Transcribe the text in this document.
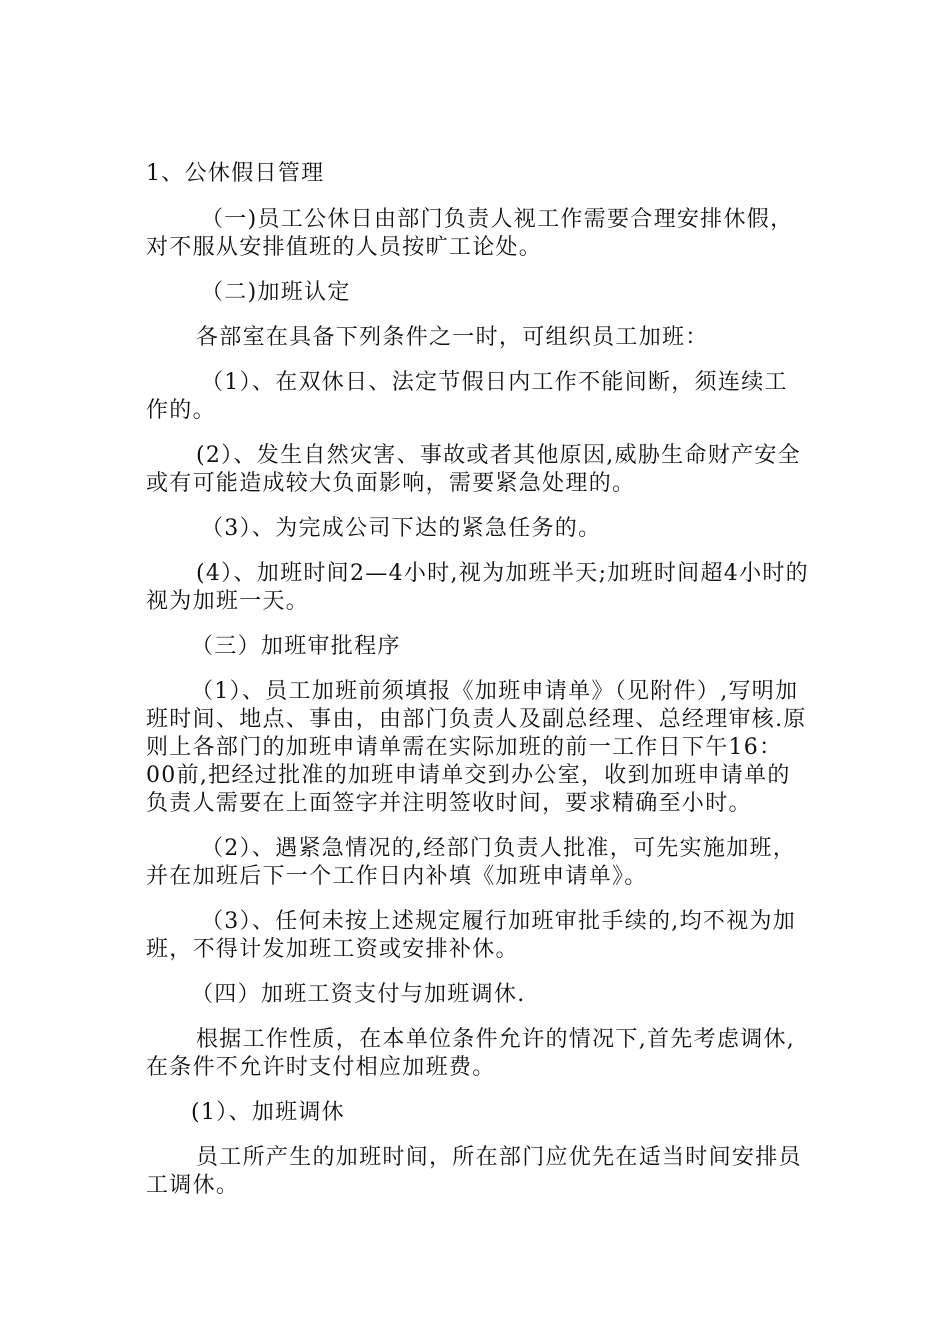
1、公休假日管理

（一)员工公休日由部门负责人视工作需要合理安排休假，对不服从安排值班的人员按旷工论处。

（二)加班认定

各部室在具备下列条件之一时，可组织员工加班：

（1）、在双休日、法定节假日内工作不能间断，须连续工作的。

(2）、发生自然灾害、事故或者其他原因,威胁生命财产安全或有可能造成较大负面影响，需要紧急处理的。

（3）、为完成公司下达的紧急任务的。

(4）、加班时间2—4小时,视为加班半天;加班时间超4小时的视为加班一天。

（三）加班审批程序

（1）、员工加班前须填报《加班申请单》（见附件）,写明加班时间、地点、事由，由部门负责人及副总经理、总经理审核.原则上各部门的加班申请单需在实际加班的前一工作日下午16：00前,把经过批准的加班申请单交到办公室，收到加班申请单的负责人需要在上面签字并注明签收时间，要求精确至小时。

（2）、遇紧急情况的,经部门负责人批准，可先实施加班，并在加班后下一个工作日内补填《加班申请单》。

（3）、任何未按上述规定履行加班审批手续的,均不视为加班，不得计发加班工资或安排补休。

（四）加班工资支付与加班调休.

根据工作性质，在本单位条件允许的情况下,首先考虑调休,在条件不允许时支付相应加班费。

(1）、加班调休

员工所产生的加班时间，所在部门应优先在适当时间安排员工调休。
